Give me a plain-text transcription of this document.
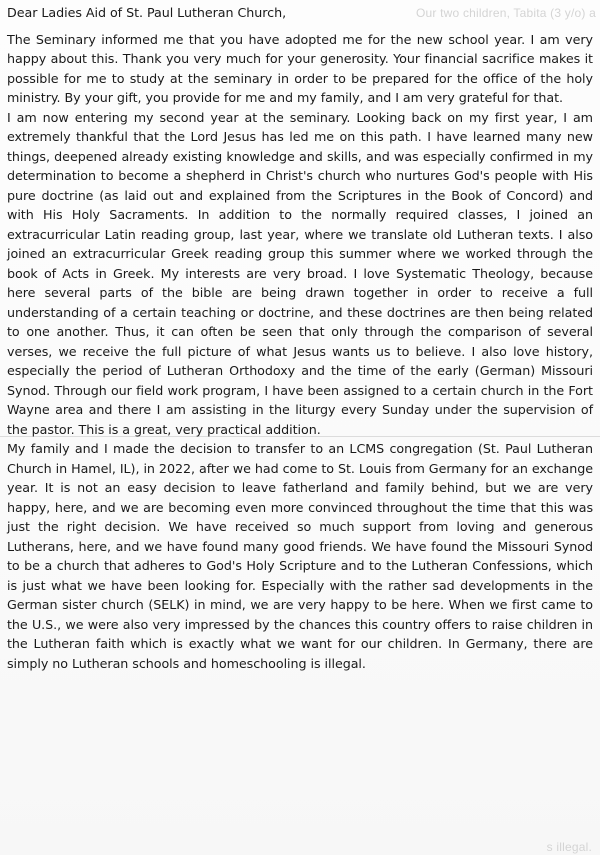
Our two children, Tabita (3 y/o) a
s illegal.

Dear Ladies Aid of St. Paul Lutheran Church,

The Seminary informed me that you have adopted me for the new school year. I am very happy about this. Thank you very much for your generosity. Your financial sacrifice makes it possible for me to study at the seminary in order to be prepared for the office of the holy ministry. By your gift, you provide for me and my family, and I am very grateful for that.

I am now entering my second year at the seminary. Looking back on my first year, I am extremely thankful that the Lord Jesus has led me on this path. I have learned many new things, deepened already existing knowledge and skills, and was especially confirmed in my determination to become a shepherd in Christ's church who nurtures God's people with His pure doctrine (as laid out and explained from the Scriptures in the Book of Concord) and with His Holy Sacraments. In addition to the normally required classes, I joined an extracurricular Latin reading group, last year, where we translate old Lutheran texts. I also joined an extracurricular Greek reading group this summer where we worked through the book of Acts in Greek. My interests are very broad. I love Systematic Theology, because here several parts of the bible are being drawn together in order to receive a full understanding of a certain teaching or doctrine, and these doctrines are then being related to one another. Thus, it can often be seen that only through the comparison of several verses, we receive the full picture of what Jesus wants us to believe. I also love history, especially the period of Lutheran Orthodoxy and the time of the early (German) Missouri Synod. Through our field work program, I have been assigned to a certain church in the Fort Wayne area and there I am assisting in the liturgy every Sunday under the supervision of the pastor. This is a great, very practical addition.

My family and I made the decision to transfer to an LCMS congregation (St. Paul Lutheran Church in Hamel, IL), in 2022, after we had come to St. Louis from Germany for an exchange year. It is not an easy decision to leave fatherland and family behind, but we are very happy, here, and we are becoming even more convinced throughout the time that this was just the right decision. We have received so much support from loving and generous Lutherans, here, and we have found many good friends. We have found the Missouri Synod to be a church that adheres to God's Holy Scripture and to the Lutheran Confessions, which is just what we have been looking for. Especially with the rather sad developments in the German sister church (SELK) in mind, we are very happy to be here. When we first came to the U.S., we were also very impressed by the chances this country offers to raise children in the Lutheran faith which is exactly what we want for our children. In Germany, there are simply no Lutheran schools and homeschooling is illegal.
